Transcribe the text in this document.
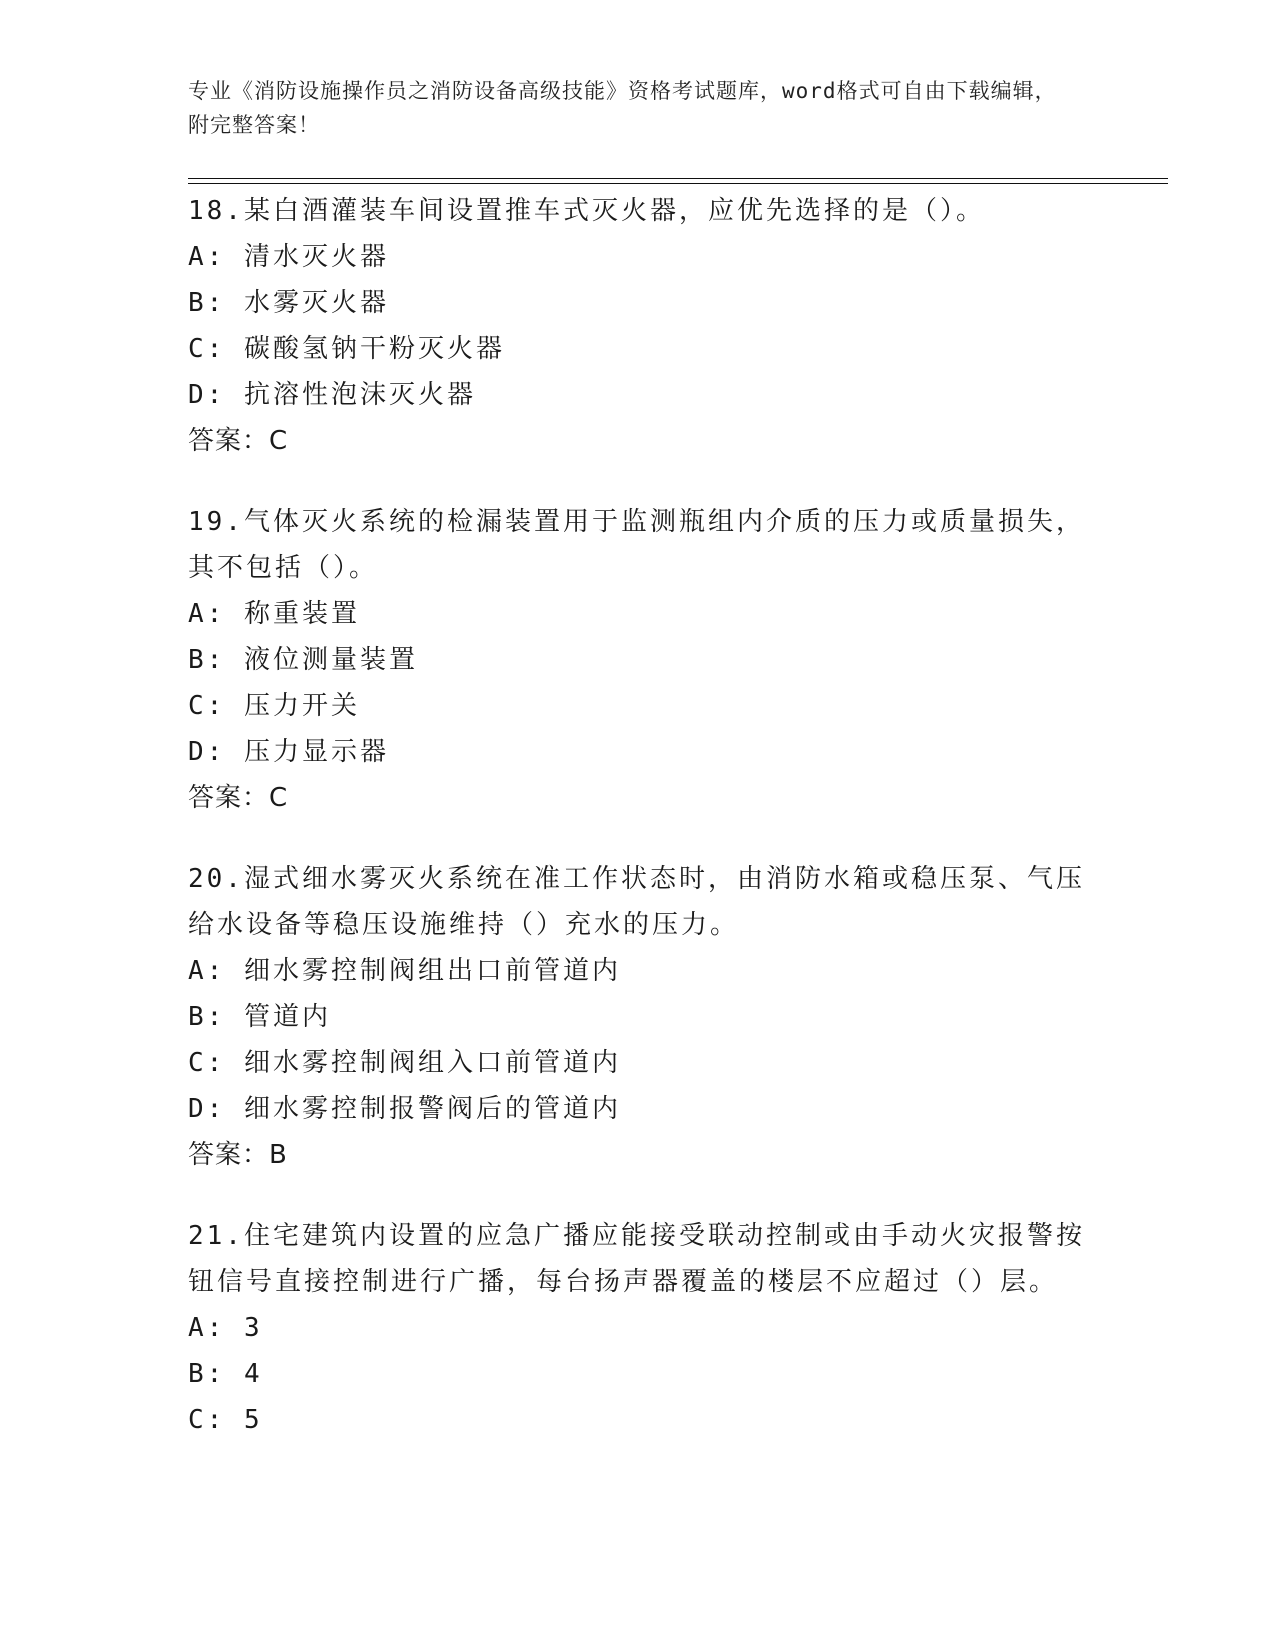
专业《消防设施操作员之消防设备高级技能》资格考试题库，word格式可自由下载编辑，附完整答案！
18.某白酒灌装车间设置推车式灭火器，应优先选择的是（）。
A: 清水灭火器
B: 水雾灭火器
C: 碳酸氢钠干粉灭火器
D: 抗溶性泡沫灭火器
答案：C
19.气体灭火系统的检漏装置用于监测瓶组内介质的压力或质量损失，其不包括（）。
A: 称重装置
B: 液位测量装置
C: 压力开关
D: 压力显示器
答案：C
20.湿式细水雾灭火系统在准工作状态时，由消防水箱或稳压泵、气压给水设备等稳压设施维持（）充水的压力。
A: 细水雾控制阀组出口前管道内
B: 管道内
C: 细水雾控制阀组入口前管道内
D: 细水雾控制报警阀后的管道内
答案：B
21.住宅建筑内设置的应急广播应能接受联动控制或由手动火灾报警按钮信号直接控制进行广播，每台扬声器覆盖的楼层不应超过（）层。
A: 3
B: 4
C: 5
